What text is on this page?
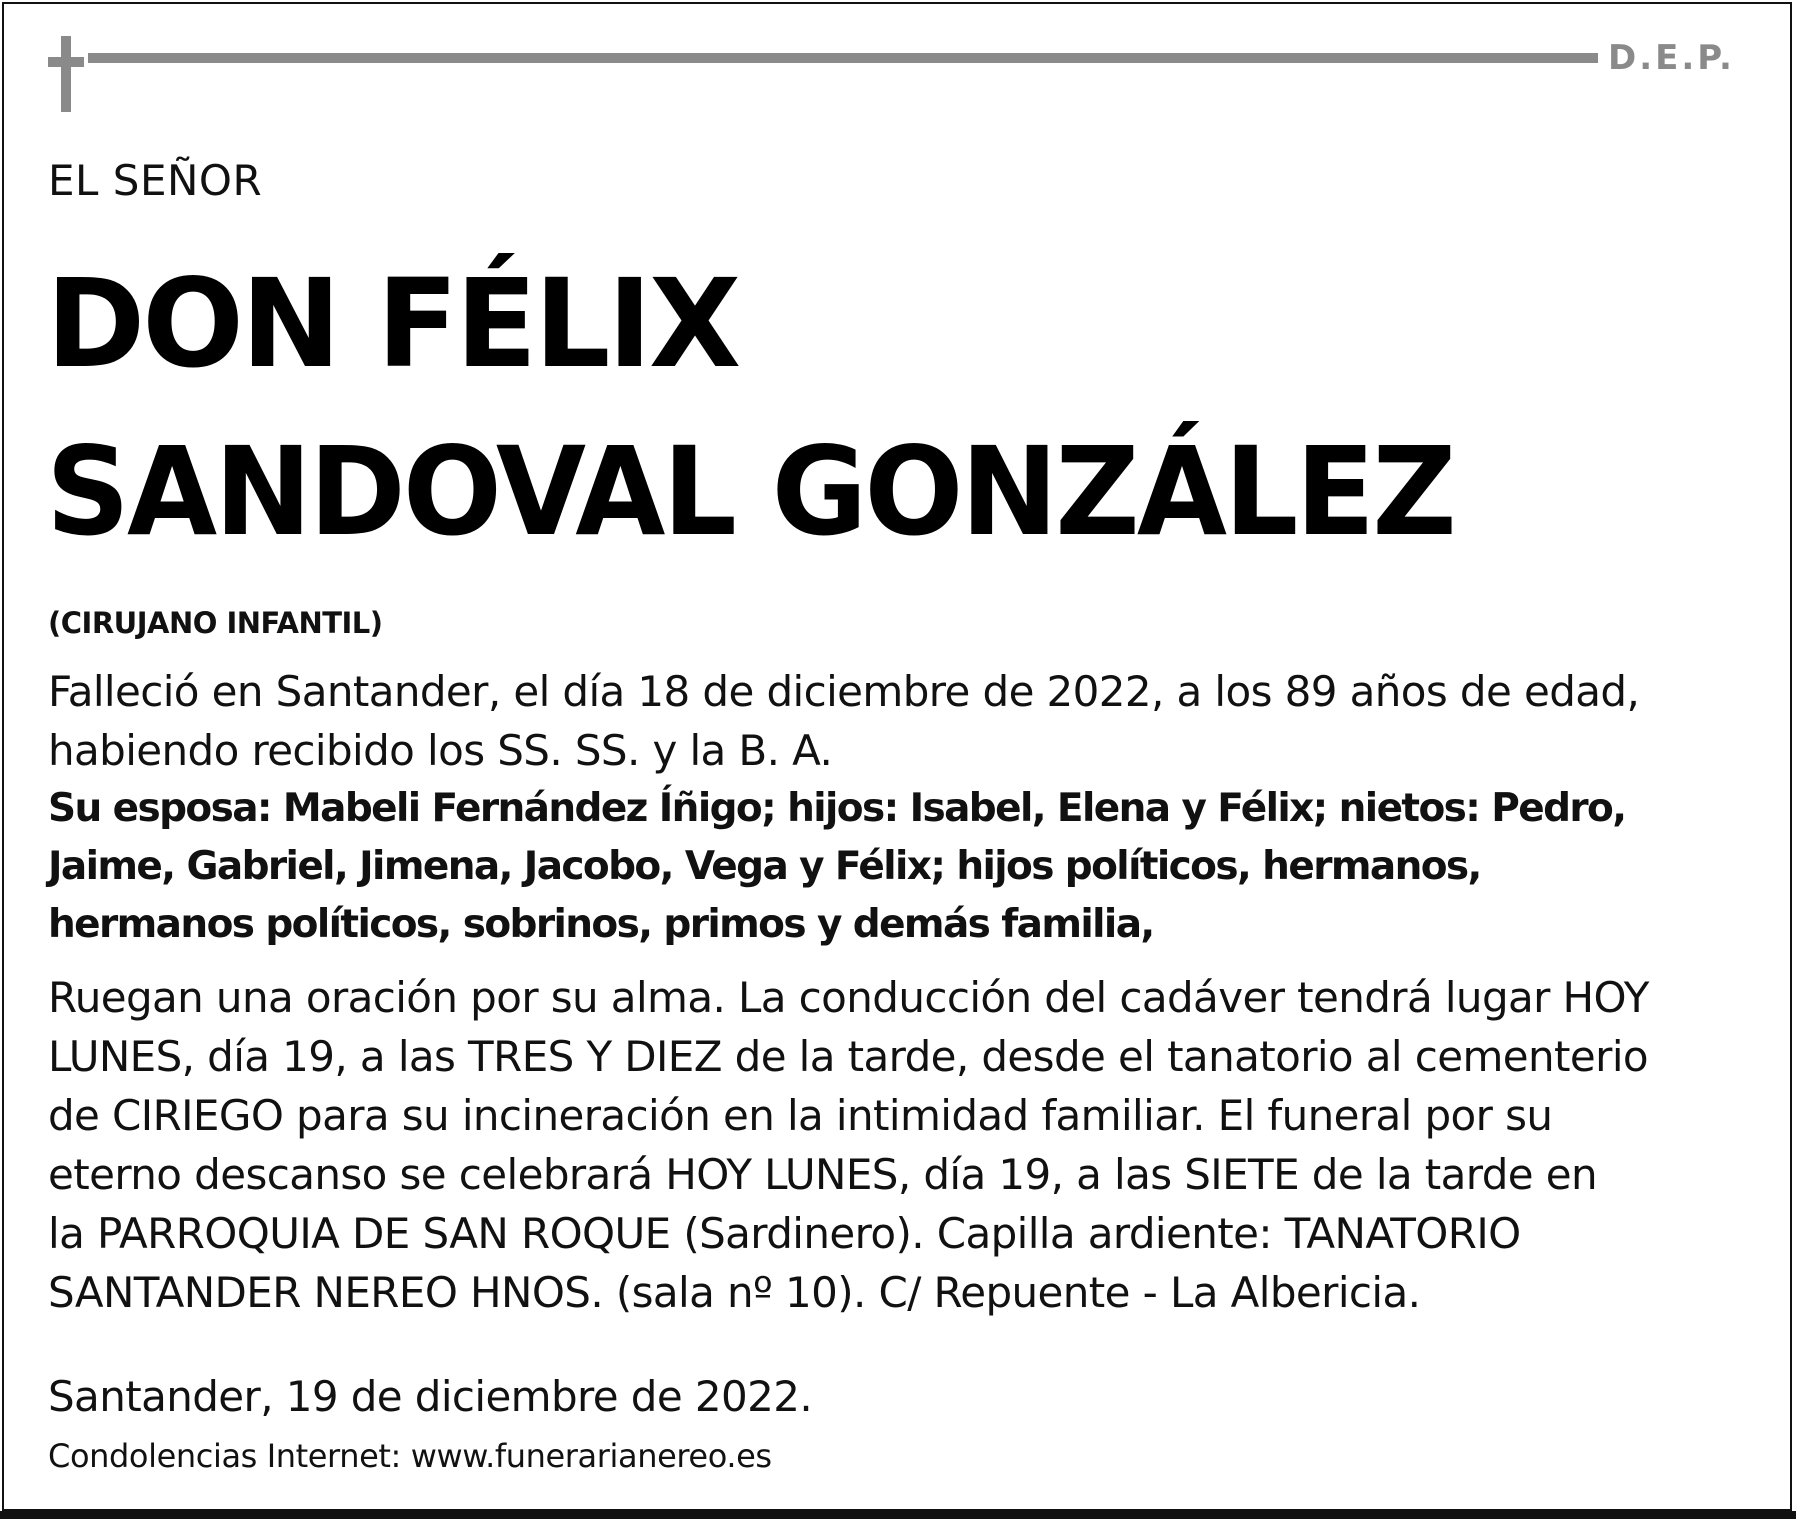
D.E.P.
EL SEÑOR
DON FÉLIX
SANDOVAL GONZÁLEZ
(CIRUJANO INFANTIL)
Falleció en Santander, el día 18 de diciembre de 2022, a los 89 años de edad,
habiendo recibido los SS. SS. y la B. A.
Su esposa: Mabeli Fernández Íñigo; hijos: Isabel, Elena y Félix; nietos: Pedro,
Jaime, Gabriel, Jimena, Jacobo, Vega y Félix; hijos políticos, hermanos,
hermanos políticos, sobrinos, primos y demás familia,
Ruegan una oración por su alma. La conducción del cadáver tendrá lugar HOY
LUNES, día 19, a las TRES Y DIEZ de la tarde, desde el tanatorio al cementerio
de CIRIEGO para su incineración en la intimidad familiar. El funeral por su
eterno descanso se celebrará HOY LUNES, día 19, a las SIETE de la tarde en
la PARROQUIA DE SAN ROQUE (Sardinero). Capilla ardiente: TANATORIO
SANTANDER NEREO HNOS. (sala nº 10). C/ Repuente - La Albericia.
Santander, 19 de diciembre de 2022.
Condolencias Internet: www.funerarianereo.es
